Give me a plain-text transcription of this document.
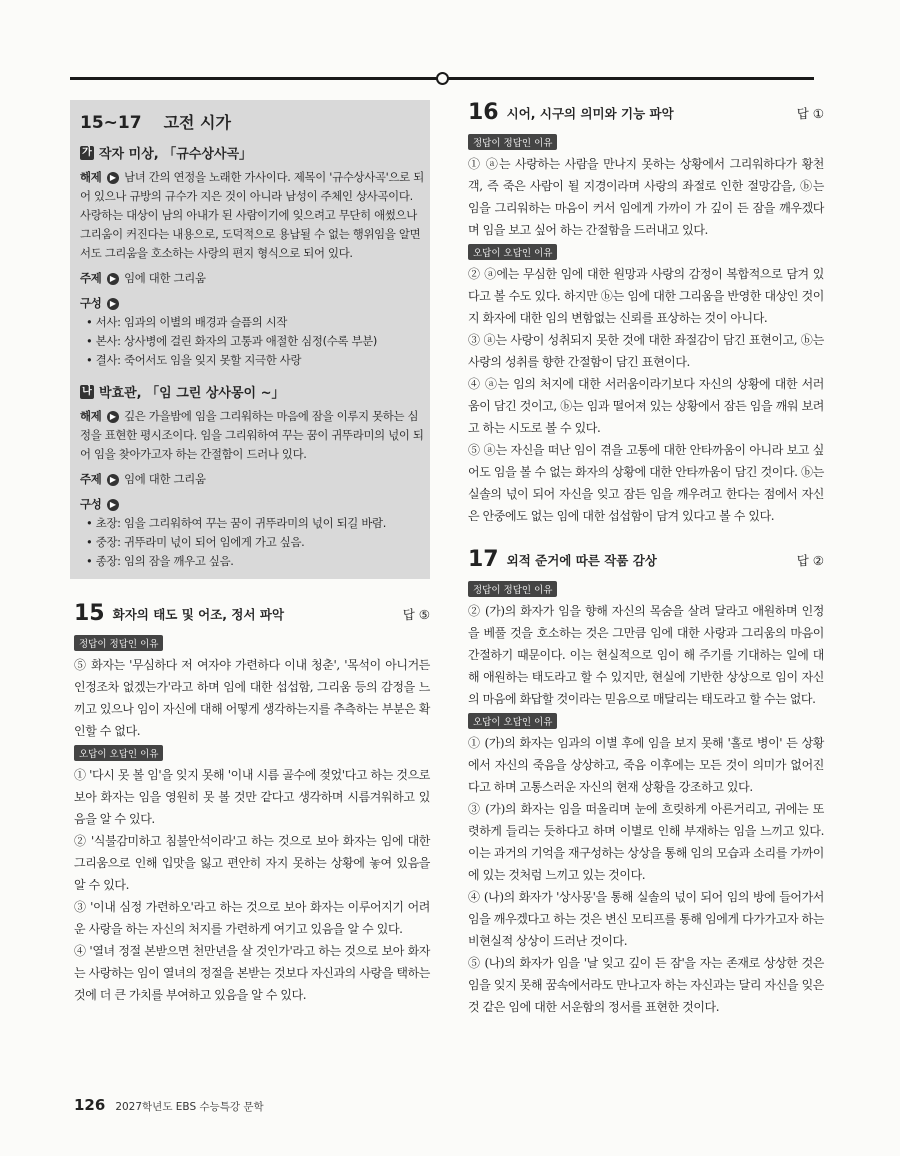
15~17 고전 시가
가 작자 미상, 「규수상사곡」

해제 ▶ 남녀 간의 연정을 노래한 가사이다. 제목이 '규수상사곡'으로 되어 있으나 규방의 규수가 지은 것이 아니라 남성이 주체인 상사곡이다. 사랑하는 대상이 남의 아내가 된 사람이기에 잊으려고 무단히 애썼으나 그리움이 커진다는 내용으로, 도덕적으로 용납될 수 없는 행위임을 알면서도 그리움을 호소하는 사랑의 편지 형식으로 되어 있다.

주제 ▶ 임에 대한 그리움

구성 ▶

• 서사: 임과의 이별의 배경과 슬픔의 시작
• 본사: 상사병에 걸린 화자의 고통과 애절한 심정(수록 부분)
• 결사: 죽어서도 임을 잊지 못할 지극한 사랑
나 박효관, 「임 그린 상사몽이 ~」

해제 ▶ 깊은 가을밤에 임을 그리워하는 마음에 잠을 이루지 못하는 심정을 표현한 평시조이다. 임을 그리워하여 꾸는 꿈이 귀뚜라미의 넋이 되어 임을 찾아가고자 하는 간절함이 드러나 있다.

주제 ▶ 임에 대한 그리움

구성 ▶

• 초장: 임을 그리워하여 꾸는 꿈이 귀뚜라미의 넋이 되길 바람.
• 중장: 귀뚜라미 넋이 되어 임에게 가고 싶음.
• 종장: 임의 잠을 깨우고 싶음.
15 화자의 태도 및 어조, 정서 파악	답 ⑤
정답이 정답인 이유

⑤ 화자는 '무심하다 저 여자야 가련하다 이내 청춘', '목석이 아니거든 인정조차 없겠는가'라고 하며 임에 대한 섭섭함, 그리움 등의 감정을 느끼고 있으나 임이 자신에 대해 어떻게 생각하는지를 추측하는 부분은 확인할 수 없다.

오답이 오답인 이유

① '다시 못 볼 임'을 잊지 못해 '이내 시름 골수에 젖었'다고 하는 것으로 보아 화자는 임을 영원히 못 볼 것만 같다고 생각하며 시름겨워하고 있음을 알 수 있다.

② '식불감미하고 침불안석이라'고 하는 것으로 보아 화자는 임에 대한 그리움으로 인해 입맛을 잃고 편안히 자지 못하는 상황에 놓여 있음을 알 수 있다.

③ '이내 심정 가련하오'라고 하는 것으로 보아 화자는 이루어지기 어려운 사랑을 하는 자신의 처지를 가련하게 여기고 있음을 알 수 있다.

④ '열녀 정절 본받으면 천만년을 살 것인가'라고 하는 것으로 보아 화자는 사랑하는 임이 열녀의 정절을 본받는 것보다 자신과의 사랑을 택하는 것에 더 큰 가치를 부여하고 있음을 알 수 있다.

16 시어, 시구의 의미와 기능 파악	답 ①
정답이 정답인 이유

① ⓐ는 사랑하는 사람을 만나지 못하는 상황에서 그리워하다가 황천객, 즉 죽은 사람이 될 지경이라며 사랑의 좌절로 인한 절망감을, ⓑ는 임을 그리워하는 마음이 커서 임에게 가까이 가 깊이 든 잠을 깨우겠다며 임을 보고 싶어 하는 간절함을 드러내고 있다.

오답이 오답인 이유

② ⓐ에는 무심한 임에 대한 원망과 사랑의 감정이 복합적으로 담겨 있다고 볼 수도 있다. 하지만 ⓑ는 임에 대한 그리움을 반영한 대상인 것이지 화자에 대한 임의 변함없는 신뢰를 표상하는 것이 아니다.

③ ⓐ는 사랑이 성취되지 못한 것에 대한 좌절감이 담긴 표현이고, ⓑ는 사랑의 성취를 향한 간절함이 담긴 표현이다.

④ ⓐ는 임의 처지에 대한 서러움이라기보다 자신의 상황에 대한 서러움이 담긴 것이고, ⓑ는 임과 떨어져 있는 상황에서 잠든 임을 깨워 보려고 하는 시도로 볼 수 있다.

⑤ ⓐ는 자신을 떠난 임이 겪을 고통에 대한 안타까움이 아니라 보고 싶어도 임을 볼 수 없는 화자의 상황에 대한 안타까움이 담긴 것이다. ⓑ는 실솔의 넋이 되어 자신을 잊고 잠든 임을 깨우려고 한다는 점에서 자신은 안중에도 없는 임에 대한 섭섭함이 담겨 있다고 볼 수 있다.

17 외적 준거에 따른 작품 감상	답 ②
정답이 정답인 이유

② (가)의 화자가 임을 향해 자신의 목숨을 살려 달라고 애원하며 인정을 베풀 것을 호소하는 것은 그만큼 임에 대한 사랑과 그리움의 마음이 간절하기 때문이다. 이는 현실적으로 임이 해 주기를 기대하는 일에 대해 애원하는 태도라고 할 수 있지만, 현실에 기반한 상상으로 임이 자신의 마음에 화답할 것이라는 믿음으로 매달리는 태도라고 할 수는 없다.

오답이 오답인 이유

① (가)의 화자는 임과의 이별 후에 임을 보지 못해 '홀로 병이' 든 상황에서 자신의 죽음을 상상하고, 죽음 이후에는 모든 것이 의미가 없어진다고 하며 고통스러운 자신의 현재 상황을 강조하고 있다.

③ (가)의 화자는 임을 떠올리며 눈에 흐릿하게 아른거리고, 귀에는 또렷하게 들리는 듯하다고 하며 이별로 인해 부재하는 임을 느끼고 있다. 이는 과거의 기억을 재구성하는 상상을 통해 임의 모습과 소리를 가까이에 있는 것처럼 느끼고 있는 것이다.

④ (나)의 화자가 '상사몽'을 통해 실솔의 넋이 되어 임의 방에 들어가서 임을 깨우겠다고 하는 것은 변신 모티프를 통해 임에게 다가가고자 하는 비현실적 상상이 드러난 것이다.

⑤ (나)의 화자가 임을 '날 잊고 깊이 든 잠'을 자는 존재로 상상한 것은 임을 잊지 못해 꿈속에서라도 만나고자 하는 자신과는 달리 자신을 잊은 것 같은 임에 대한 서운함의 정서를 표현한 것이다.

126 2027학년도 EBS 수능특강 문학
